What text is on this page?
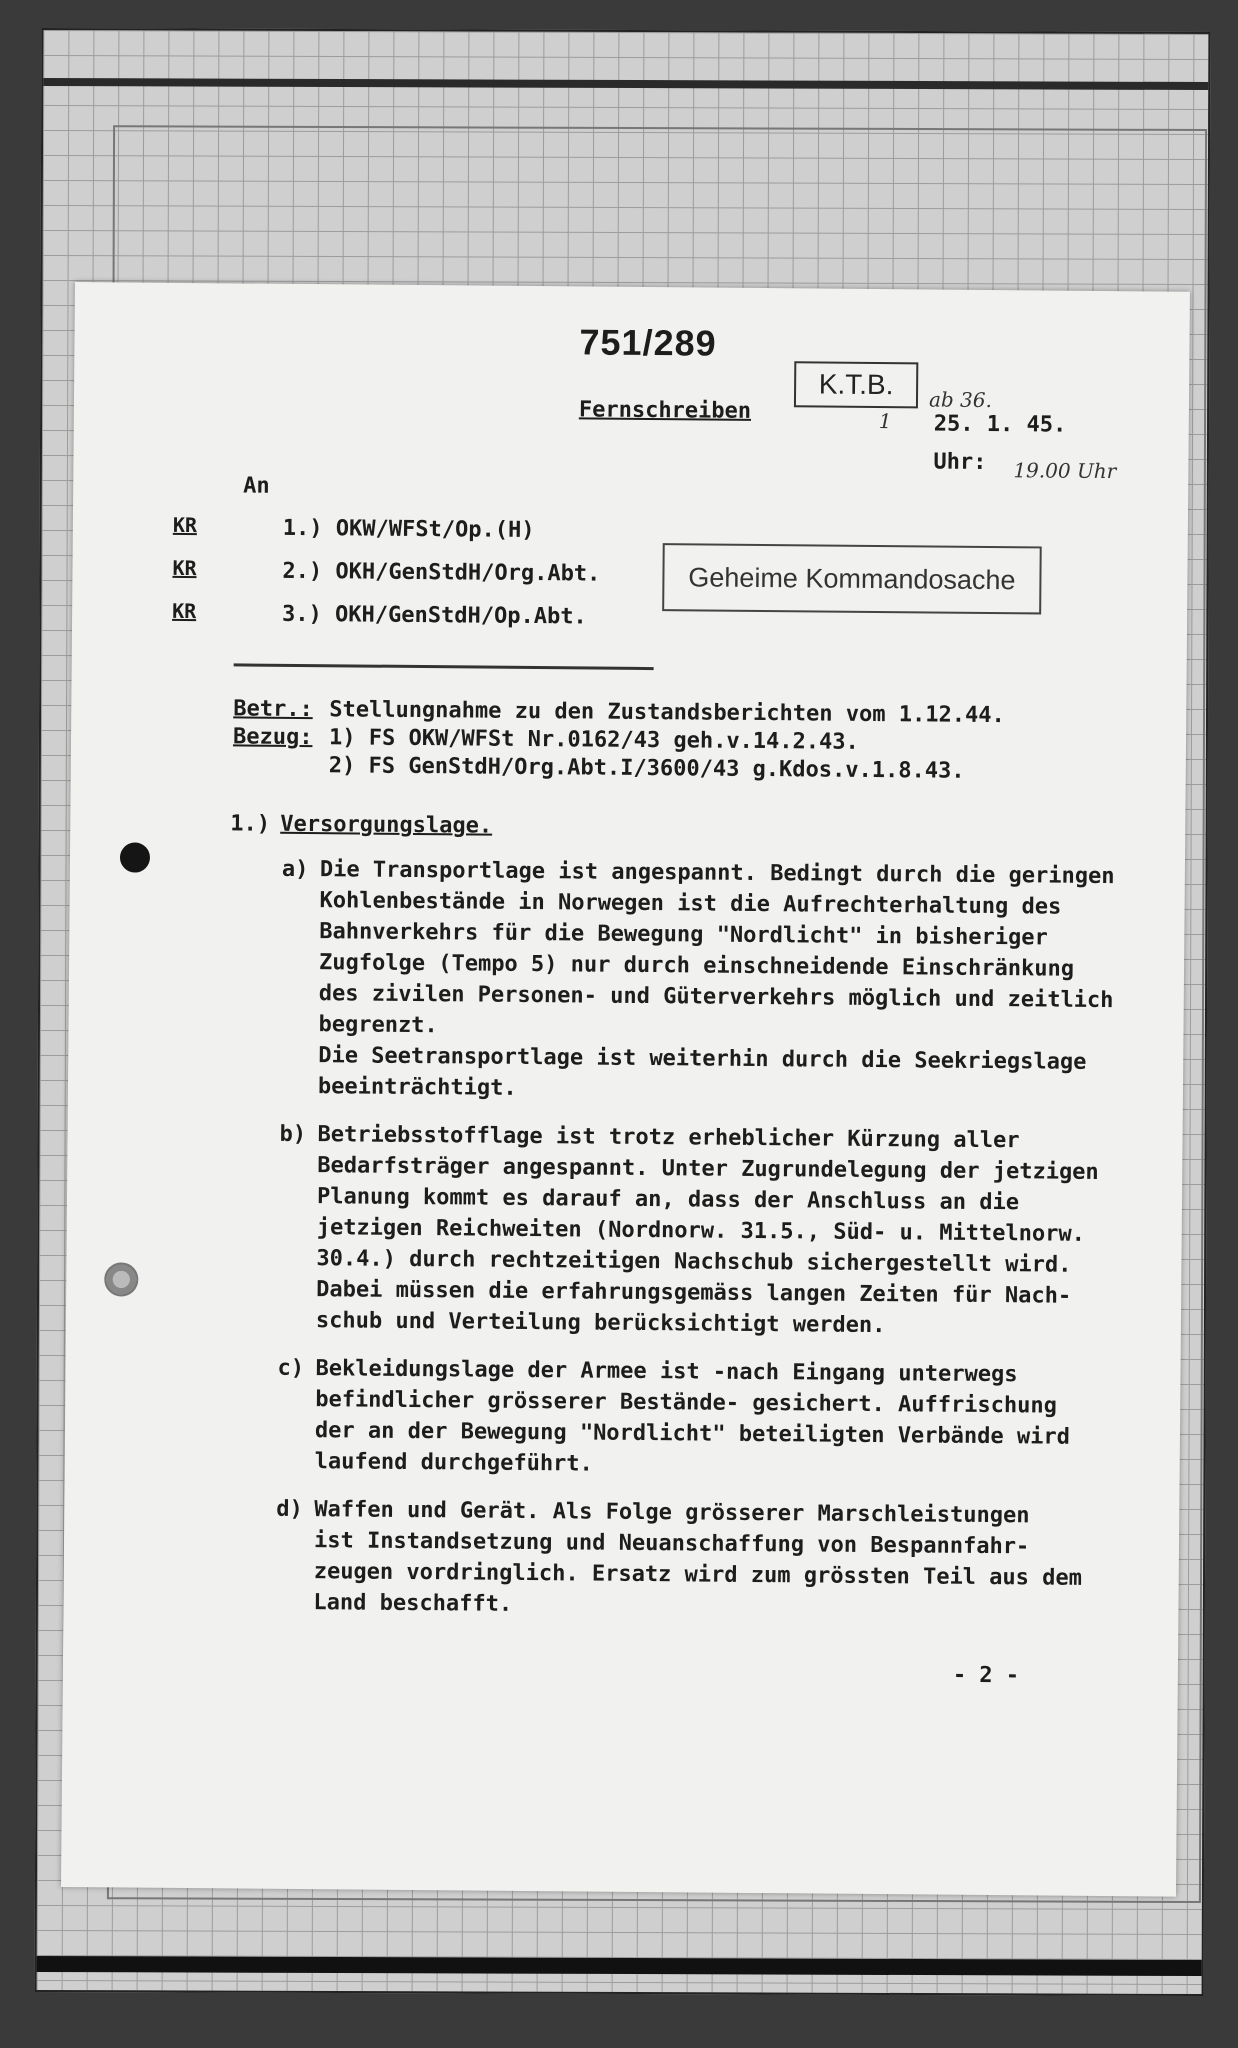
751/289
K.T.B.
Fernschreiben	1
ab 36.
25. 1. 45.
Uhr: 19.00 Uhr
An
KR	1.) OKW/WFSt/Op.(H)
KR	2.) OKH/GenStdH/Org.Abt.
KR	3.) OKH/GenStdH/Op.Abt.
Geheime Kommandosache
Betr.: Stellungnahme zu den Zustandsberichten vom 1.12.44.
Bezug: 1) FS OKW/WFSt Nr.0162/43 geh.v.14.2.43.
2) FS GenStdH/Org.Abt.I/3600/43 g.Kdos.v.1.8.43.
1.) Versorgungslage.
a) Die Transportlage ist angespannt. Bedingt durch die geringen
Kohlenbestände in Norwegen ist die Aufrechterhaltung des
Bahnverkehrs für die Bewegung "Nordlicht" in bisheriger
Zugfolge (Tempo 5) nur durch einschneidende Einschränkung
des zivilen Personen- und Güterverkehrs möglich und zeitlich
begrenzt.
Die Seetransportlage ist weiterhin durch die Seekriegslage
beeinträchtigt.
b) Betriebsstofflage ist trotz erheblicher Kürzung aller
Bedarfsträger angespannt. Unter Zugrundelegung der jetzigen
Planung kommt es darauf an, dass der Anschluss an die
jetzigen Reichweiten (Nordnorw. 31.5., Süd- u. Mittelnorw.
30.4.) durch rechtzeitigen Nachschub sichergestellt wird.
Dabei müssen die erfahrungsgemäss langen Zeiten für Nach-
schub und Verteilung berücksichtigt werden.
c) Bekleidungslage der Armee ist -nach Eingang unterwegs
befindlicher grösserer Bestände- gesichert. Auffrischung
der an der Bewegung "Nordlicht" beteiligten Verbände wird
laufend durchgeführt.
d) Waffen und Gerät. Als Folge grösserer Marschleistungen
ist Instandsetzung und Neuanschaffung von Bespannfahr-
zeugen vordringlich. Ersatz wird zum grössten Teil aus dem
Land beschafft.
- 2 -
